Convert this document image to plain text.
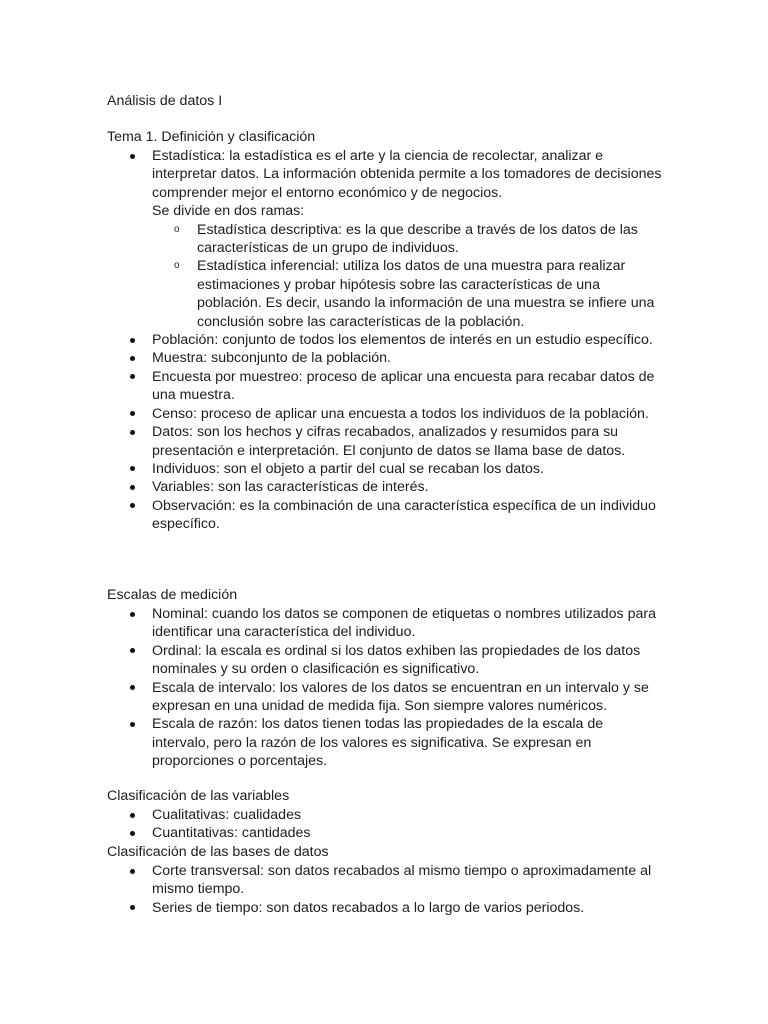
Análisis de datos I
Tema 1. Definición y clasificación
Estadística: la estadística es el arte y la ciencia de recolectar, analizar e interpretar datos. La información obtenida permite a los tomadores de decisiones comprender mejor el entorno económico y de negocios.
Se divide en dos ramas:
o Estadística descriptiva: es la que describe a través de los datos de las características de un grupo de individuos.
o Estadística inferencial: utiliza los datos de una muestra para realizar estimaciones y probar hipótesis sobre las características de una población. Es decir, usando la información de una muestra se infiere una conclusión sobre las características de la población.
Población: conjunto de todos los elementos de interés en un estudio específico.
Muestra: subconjunto de la población.
Encuesta por muestreo: proceso de aplicar una encuesta para recabar datos de una muestra.
Censo: proceso de aplicar una encuesta a todos los individuos de la población.
Datos: son los hechos y cifras recabados, analizados y resumidos para su presentación e interpretación. El conjunto de datos se llama base de datos.
Individuos: son el objeto a partir del cual se recaban los datos.
Variables: son las características de interés.
Observación: es la combinación de una característica específica de un individuo específico.
Escalas de medición
Nominal: cuando los datos se componen de etiquetas o nombres utilizados para identificar una característica del individuo.
Ordinal: la escala es ordinal si los datos exhiben las propiedades de los datos nominales y su orden o clasificación es significativo.
Escala de intervalo: los valores de los datos se encuentran en un intervalo y se expresan en una unidad de medida fija. Son siempre valores numéricos.
Escala de razón: los datos tienen todas las propiedades de la escala de intervalo, pero la razón de los valores es significativa. Se expresan en proporciones o porcentajes.
Clasificación de las variables
Cualitativas: cualidades
Cuantitativas: cantidades
Clasificación de las bases de datos
Corte transversal: son datos recabados al mismo tiempo o aproximadamente al mismo tiempo.
Series de tiempo: son datos recabados a lo largo de varios periodos.
